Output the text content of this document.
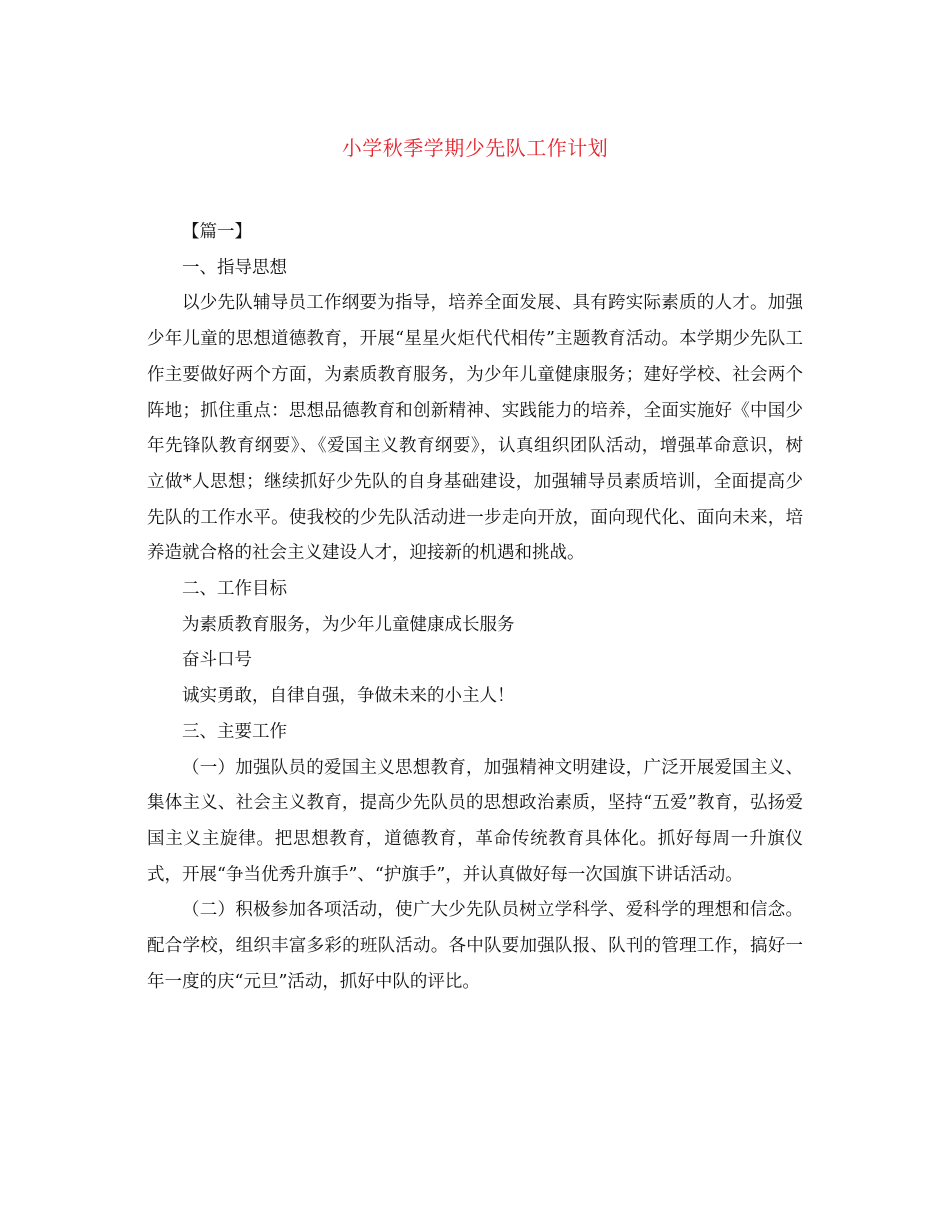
小学秋季学期少先队工作计划

【篇一】

一、指导思想

以少先队辅导员工作纲要为指导，培养全面发展、具有跨实际素质的人才。加强少年儿童的思想道德教育，开展“星星火炬代代相传”主题教育活动。本学期少先队工作主要做好两个方面，为素质教育服务，为少年儿童健康服务；建好学校、社会两个阵地；抓住重点：思想品德教育和创新精神、实践能力的培养，全面实施好《中国少年先锋队教育纲要》、《爱国主义教育纲要》，认真组织团队活动，增强革命意识，树立做*人思想；继续抓好少先队的自身基础建设，加强辅导员素质培训，全面提高少先队的工作水平。使我校的少先队活动进一步走向开放，面向现代化、面向未来，培养造就合格的社会主义建设人才，迎接新的机遇和挑战。

二、工作目标

为素质教育服务，为少年儿童健康成长服务

奋斗口号

诚实勇敢，自律自强，争做未来的小主人！

三、主要工作

（一）加强队员的爱国主义思想教育，加强精神文明建设，广泛开展爱国主义、集体主义、社会主义教育，提高少先队员的思想政治素质，坚持“五爱”教育，弘扬爱国主义主旋律。把思想教育，道德教育，革命传统教育具体化。抓好每周一升旗仪式，开展“争当优秀升旗手”、“护旗手”，并认真做好每一次国旗下讲话活动。

（二）积极参加各项活动，使广大少先队员树立学科学、爱科学的理想和信念。配合学校，组织丰富多彩的班队活动。各中队要加强队报、队刊的管理工作，搞好一年一度的庆“元旦”活动，抓好中队的评比。
